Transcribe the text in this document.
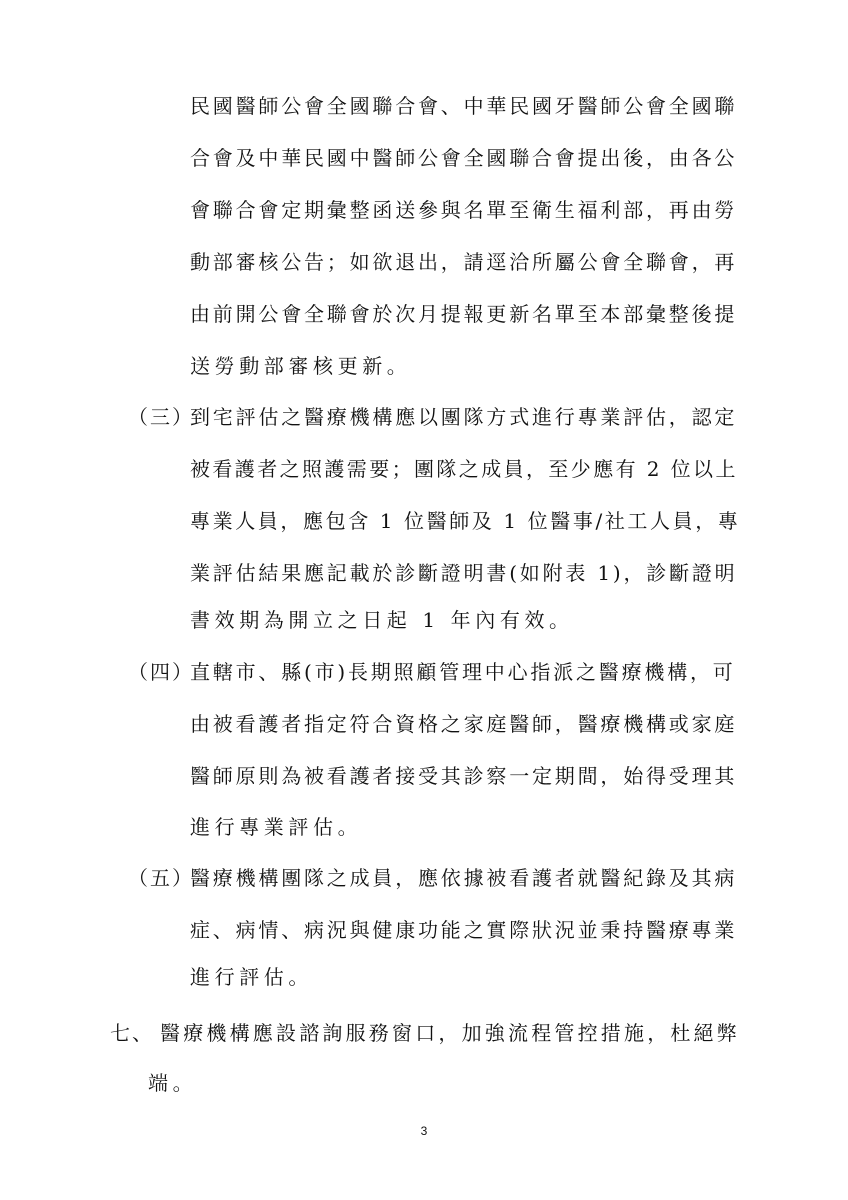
民國醫師公會全國聯合會、中華民國牙醫師公會全國聯
合會及中華民國中醫師公會全國聯合會提出後，由各公
會聯合會定期彙整函送參與名單至衛生福利部，再由勞
動部審核公告；如欲退出，請逕洽所屬公會全聯會，再
由前開公會全聯會於次月提報更新名單至本部彙整後提
送勞動部審核更新。
（三）
到宅評估之醫療機構應以團隊方式進行專業評估，認定
被看護者之照護需要；團隊之成員，至少應有 2 位以上
專業人員，應包含 1 位醫師及 1 位醫事/社工人員，專
業評估結果應記載於診斷證明書(如附表 1)，診斷證明
書效期為開立之日起 1 年內有效。
（四）
直轄市、縣(市)長期照顧管理中心指派之醫療機構，可
由被看護者指定符合資格之家庭醫師，醫療機構或家庭
醫師原則為被看護者接受其診察一定期間，始得受理其
進行專業評估。
（五）
醫療機構團隊之成員，應依據被看護者就醫紀錄及其病
症、病情、病況與健康功能之實際狀況並秉持醫療專業
進行評估。
七、 醫療機構應設諮詢服務窗口，加強流程管控措施，杜絕弊
端。
3
